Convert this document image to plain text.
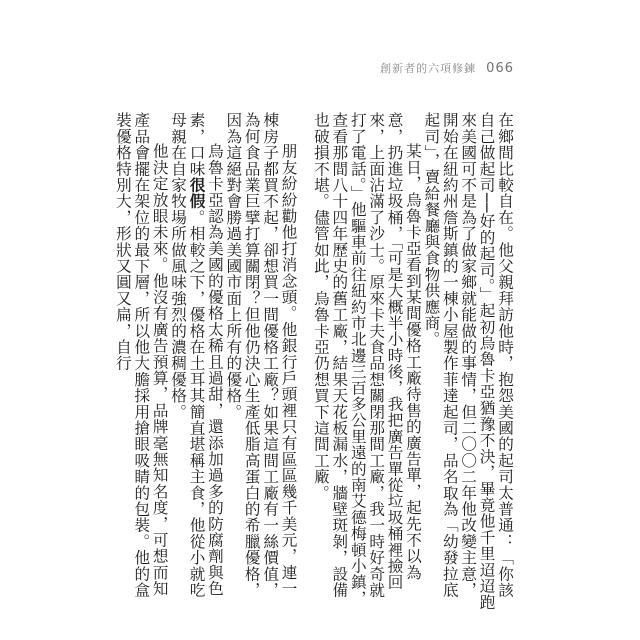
創新者的六項修鍊 066

在鄉間比較自在。他父親拜訪他時，抱怨美國的起司太普通：「你該自己做起司──好的起司。」起初烏魯卡亞猶豫不決，畢竟他千里迢迢跑來美國可不是為了做家鄉就能做的事情，但二〇〇二年他改變主意，開始在紐約州詹斯鎮的一棟小屋製作菲達起司，品名取為「幼發拉底起司」，賣給餐廳與食物供應商。

某日，烏魯卡亞看到某間優格工廠待售的廣告單，起先不以為意，扔進垃圾桶，「可是大概半小時後，我把廣告單從垃圾桶裡撿回來，上面沾滿了沙士。原來卡夫食品想關閉那間工廠，我一時好奇就打了電話。」他驅車前往紐約市北邊三百多公里遠的南艾德梅頓小鎮，查看那間八十四年歷史的舊工廠，結果天花板漏水，牆壁斑剝，設備也破損不堪。儘管如此，烏魯卡亞仍想買下這間工廠。

朋友紛紛勸他打消念頭。他銀行戶頭裡只有區區幾千美元，連一棟房子都買不起，卻想買一間優格工廠？如果這間工廠有一絲價值，為何食品業巨擘打算關閉？但他仍決心生產低脂高蛋白的希臘優格，因為這絕對會勝過美國市面上所有的優格。

烏魯卡亞認為美國的優格太稀且過甜，還添加過多的防腐劑與色素，口味很假。相較之下，優格在土耳其簡直堪稱主食，他從小就吃母親在自家牧場所做風味強烈的濃稠優格。

他決定放眼未來。他沒有廣告預算，品牌毫無知名度，可想而知產品會擺在架位的最下層，所以他大膽採用搶眼吸睛的包裝。他的盒裝優格特別大，形狀又圓又扁，自行
